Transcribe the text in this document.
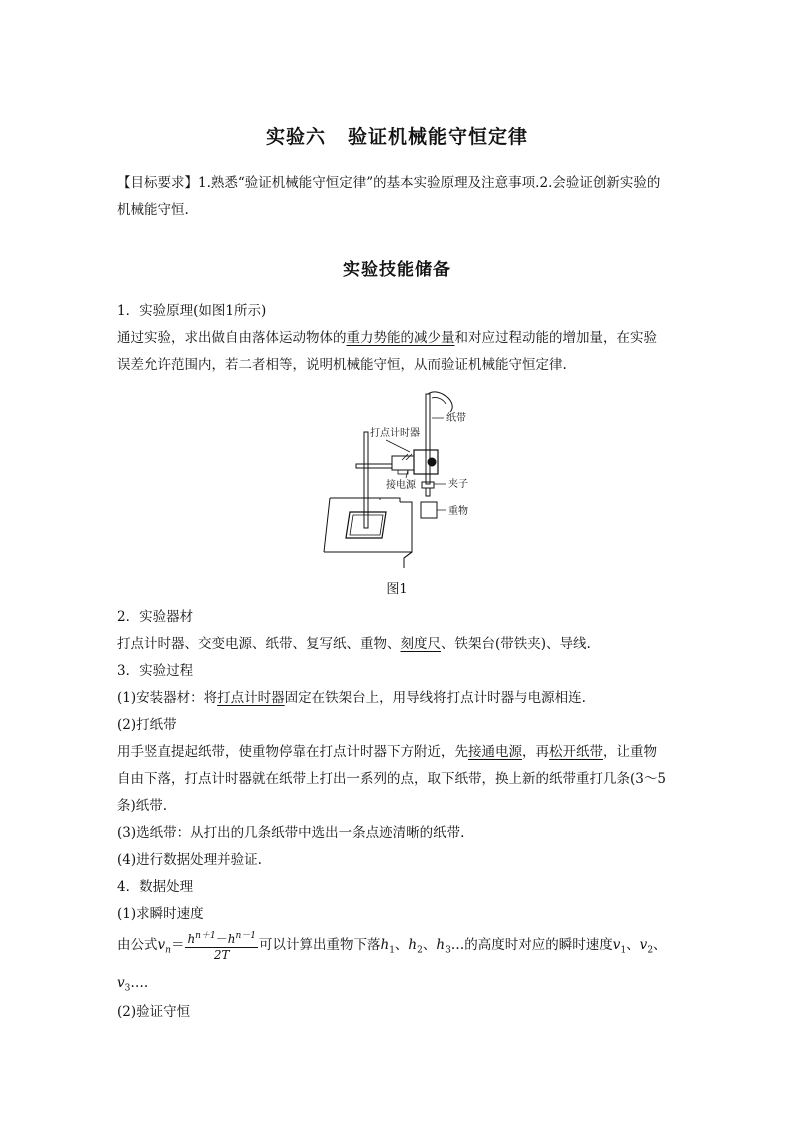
实验六 验证机械能守恒定律
【目标要求】1.熟悉“验证机械能守恒定律”的基本实验原理及注意事项.2.会验证创新实验的
机械能守恒.
实验技能储备
1．实验原理(如图1所示)
通过实验，求出做自由落体运动物体的重力势能的减少量和对应过程动能的增加量，在实验
误差允许范围内，若二者相等，说明机械能守恒，从而验证机械能守恒定律.
打点计时器
纸带
接电源	夹子
重物
图1
2．实验器材
打点计时器、交变电源、纸带、复写纸、重物、刻度尺、铁架台(带铁夹)、导线.
3．实验过程
(1)安装器材：将打点计时器固定在铁架台上，用导线将打点计时器与电源相连.
(2)打纸带
用手竖直提起纸带，使重物停靠在打点计时器下方附近，先接通电源，再松开纸带，让重物
自由下落，打点计时器就在纸带上打出一系列的点，取下纸带，换上新的纸带重打几条(3～5
条)纸带.
(3)选纸带：从打出的几条纸带中选出一条点迹清晰的纸带.
(4)进行数据处理并验证.
4．数据处理
(1)求瞬时速度
由公式$v_n= \frac{h^{n+1}-h^{n-1}}{2T}$ 可以计算出重物下落$h_1$、$h_2$、$h_3\dots$的高度时对应的瞬时速度$v_1$、$v_2$、
$v_3\dots$.
(2)验证守恒
